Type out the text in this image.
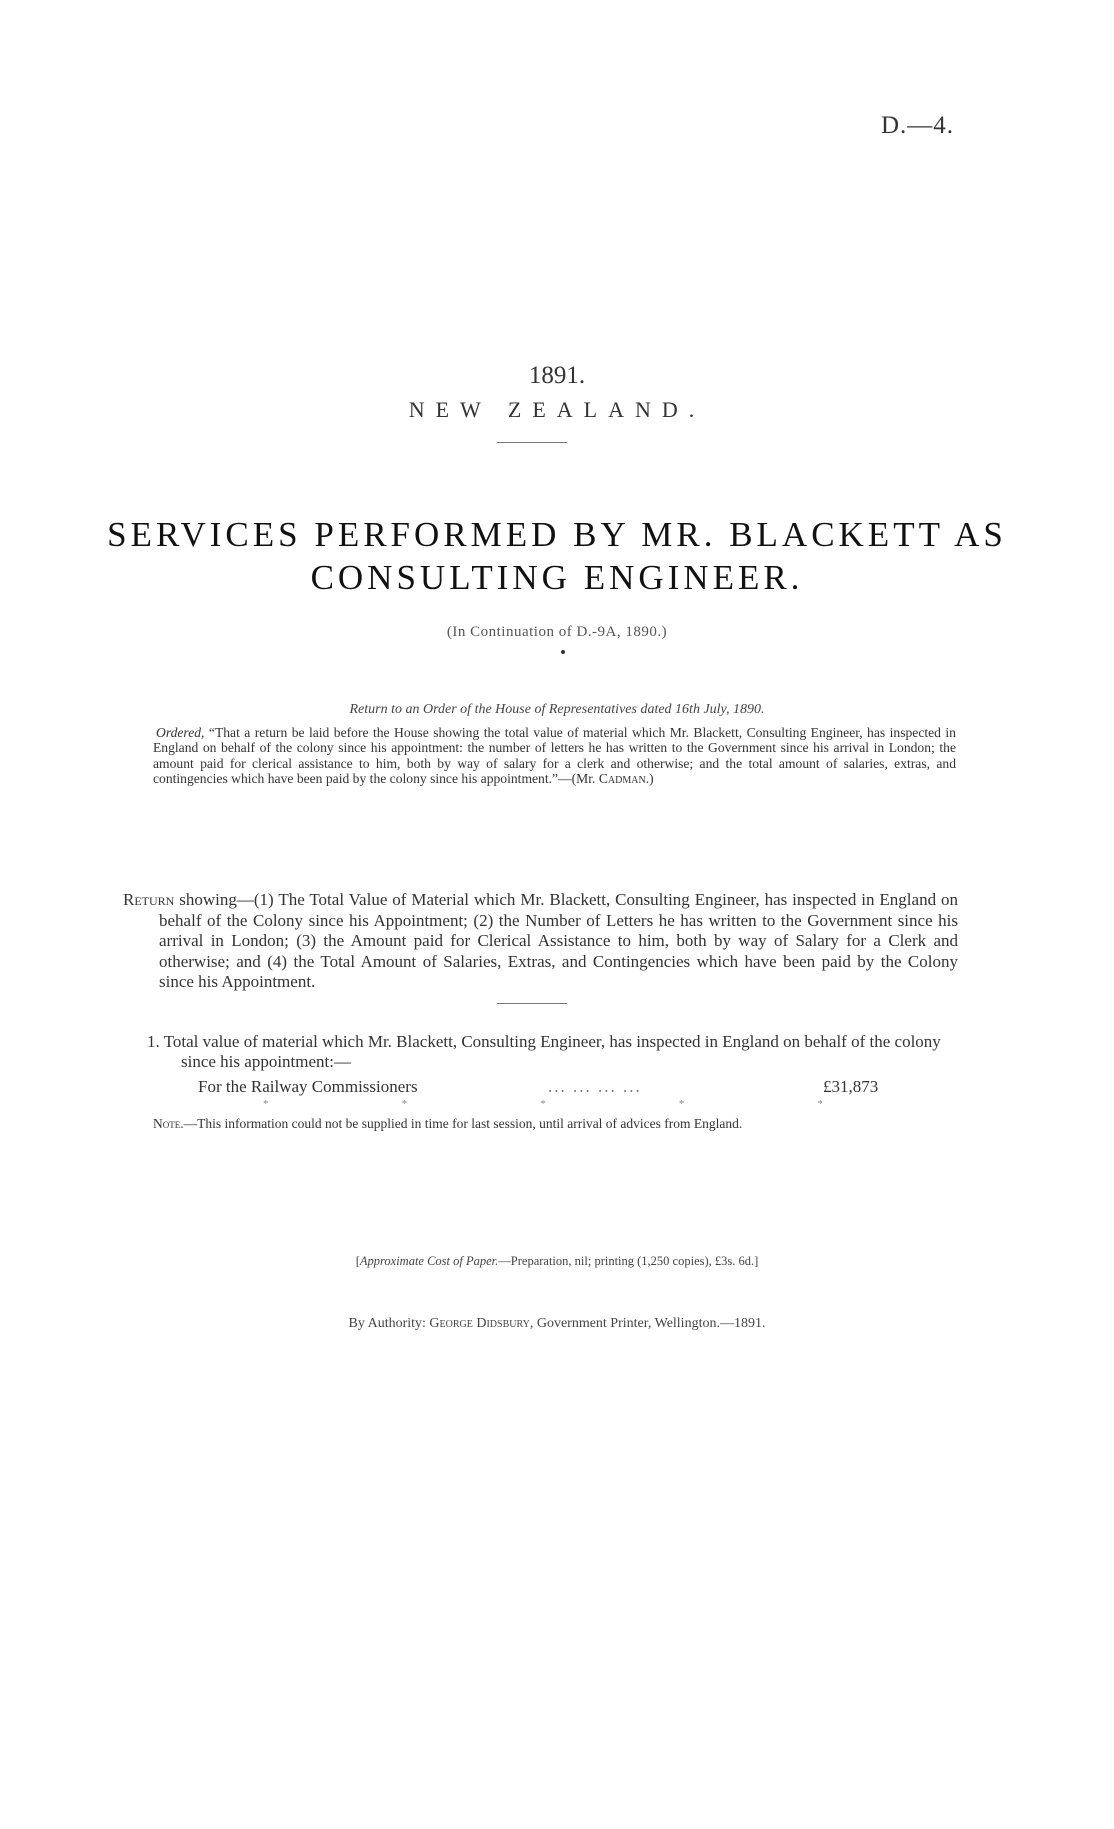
D.—4.
1891.
NEW ZEALAND.
SERVICES PERFORMED BY MR. BLACKETT AS
CONSULTING ENGINEER.
(In Continuation of D.-9A, 1890.)
Return to an Order of the House of Representatives dated 16th July, 1890.
Ordered, “That a return be laid before the House showing the total value of material which Mr. Blackett, Consulting Engineer, has inspected in England on behalf of the colony since his appointment: the number of letters he has written to the Government since his arrival in London; the amount paid for clerical assistance to him, both by way of salary for a clerk and otherwise; and the total amount of salaries, extras, and contingencies which have been paid by the colony since his appointment.”—(Mr. Cadman.)
Return showing—(1) The Total Value of Material which Mr. Blackett, Consulting Engineer, has inspected in England on behalf of the Colony since his Appointment; (2) the Number of Letters he has written to the Government since his arrival in London; (3) the Amount paid for Clerical Assistance to him, both by way of Salary for a Clerk and otherwise; and (4) the Total Amount of Salaries, Extras, and Contingencies which have been paid by the Colony since his Appointment.
1. Total value of material which Mr. Blackett, Consulting Engineer, has inspected in England on behalf of the colony since his appointment:—
For the Railway Commissioners	... ... ... ...	£31,873
*	*	*	*	*
Note.—This information could not be supplied in time for last session, until arrival of advices from England.
[Approximate Cost of Paper.—Preparation, nil; printing (1,250 copies), £3s. 6d.]
By Authority: George Didsbury, Government Printer, Wellington.—1891.
